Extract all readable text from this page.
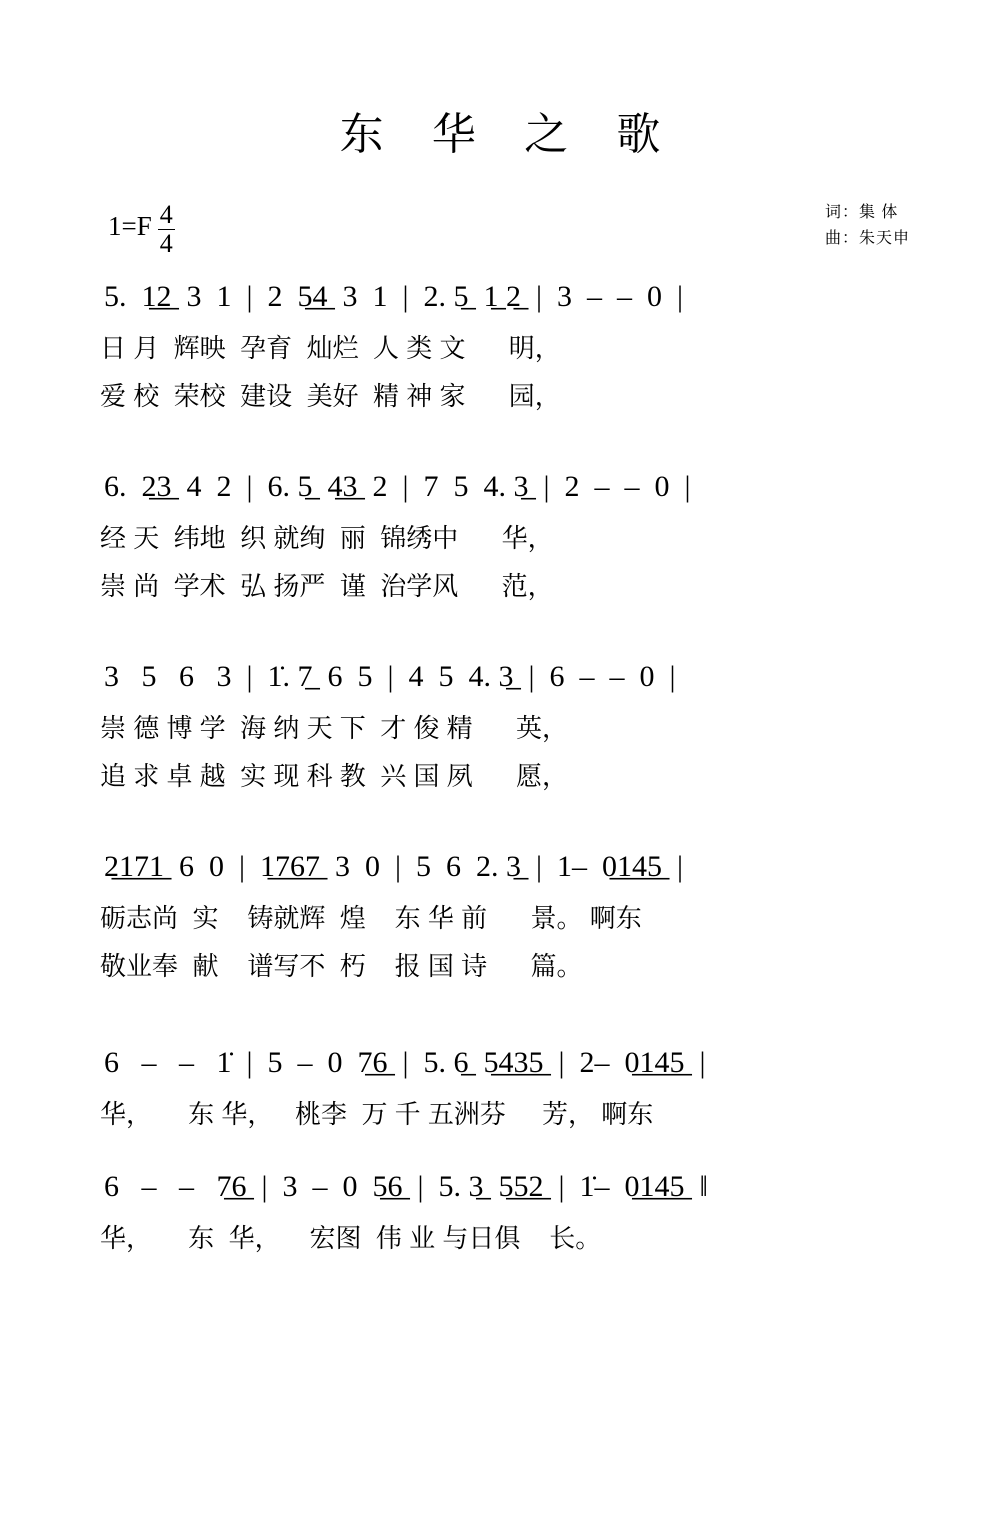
东 华 之 歌
$1=F \frac{4}{4}$	词：集 体
曲：朱天申
5.  1̲2̲  3  1  |  2  5̲4̲  3  1  |  2. 5̲  1̲ 2̲  |  3  –  –  0  |
日 月  辉映  孕育  灿烂  人 类 文      明，
爱 校  荣校  建设  美好  精 神 家      园，
6.  2̲3̲  4  2  |  6. 5̲  4̲3̲  2  |  7  5  4. 3̲  |  2  –  –  0  |
经 天  纬地  织 就绚  丽  锦绣中      华，
崇 尚  学术  弘 扬严  谨  治学风      范，
3   5   6   3  |  1̇. 7̲  6  5  |  4  5  4. 3̲  |  6  –  –  0  |
崇 德 博 学  海 纳 天 下  才 俊 精      英，
追 求 卓 越  实 现 科 教  兴 国 夙      愿，
2̲1̲7̲1̲  6  0  |  1̲7̲6̲7̲  3  0  |  5  6  2. 3̲  |  1–  0̲1̲4̲5̲  |
砺志尚  实    铸就辉  煌    东 华 前      景。 啊东
敬业奉  献    谱写不  朽    报 国 诗      篇。
6   –   –   1̇  |  5  –  0  7̲6̲  |  5. 6̲  5̲4̲3̲5̲  |  2–  0̲1̲4̲5̲  |
华，     东 华，   桃李  万 千 五洲芬     芳， 啊东
6   –   –   7̲6̲  |  3  –  0  5̲6̲  |  5. 3̲  5̲5̲2̲  |  1̇–  0̲1̲4̲5̲  ‖
华，     东  华，    宏图  伟 业 与日俱    长。
